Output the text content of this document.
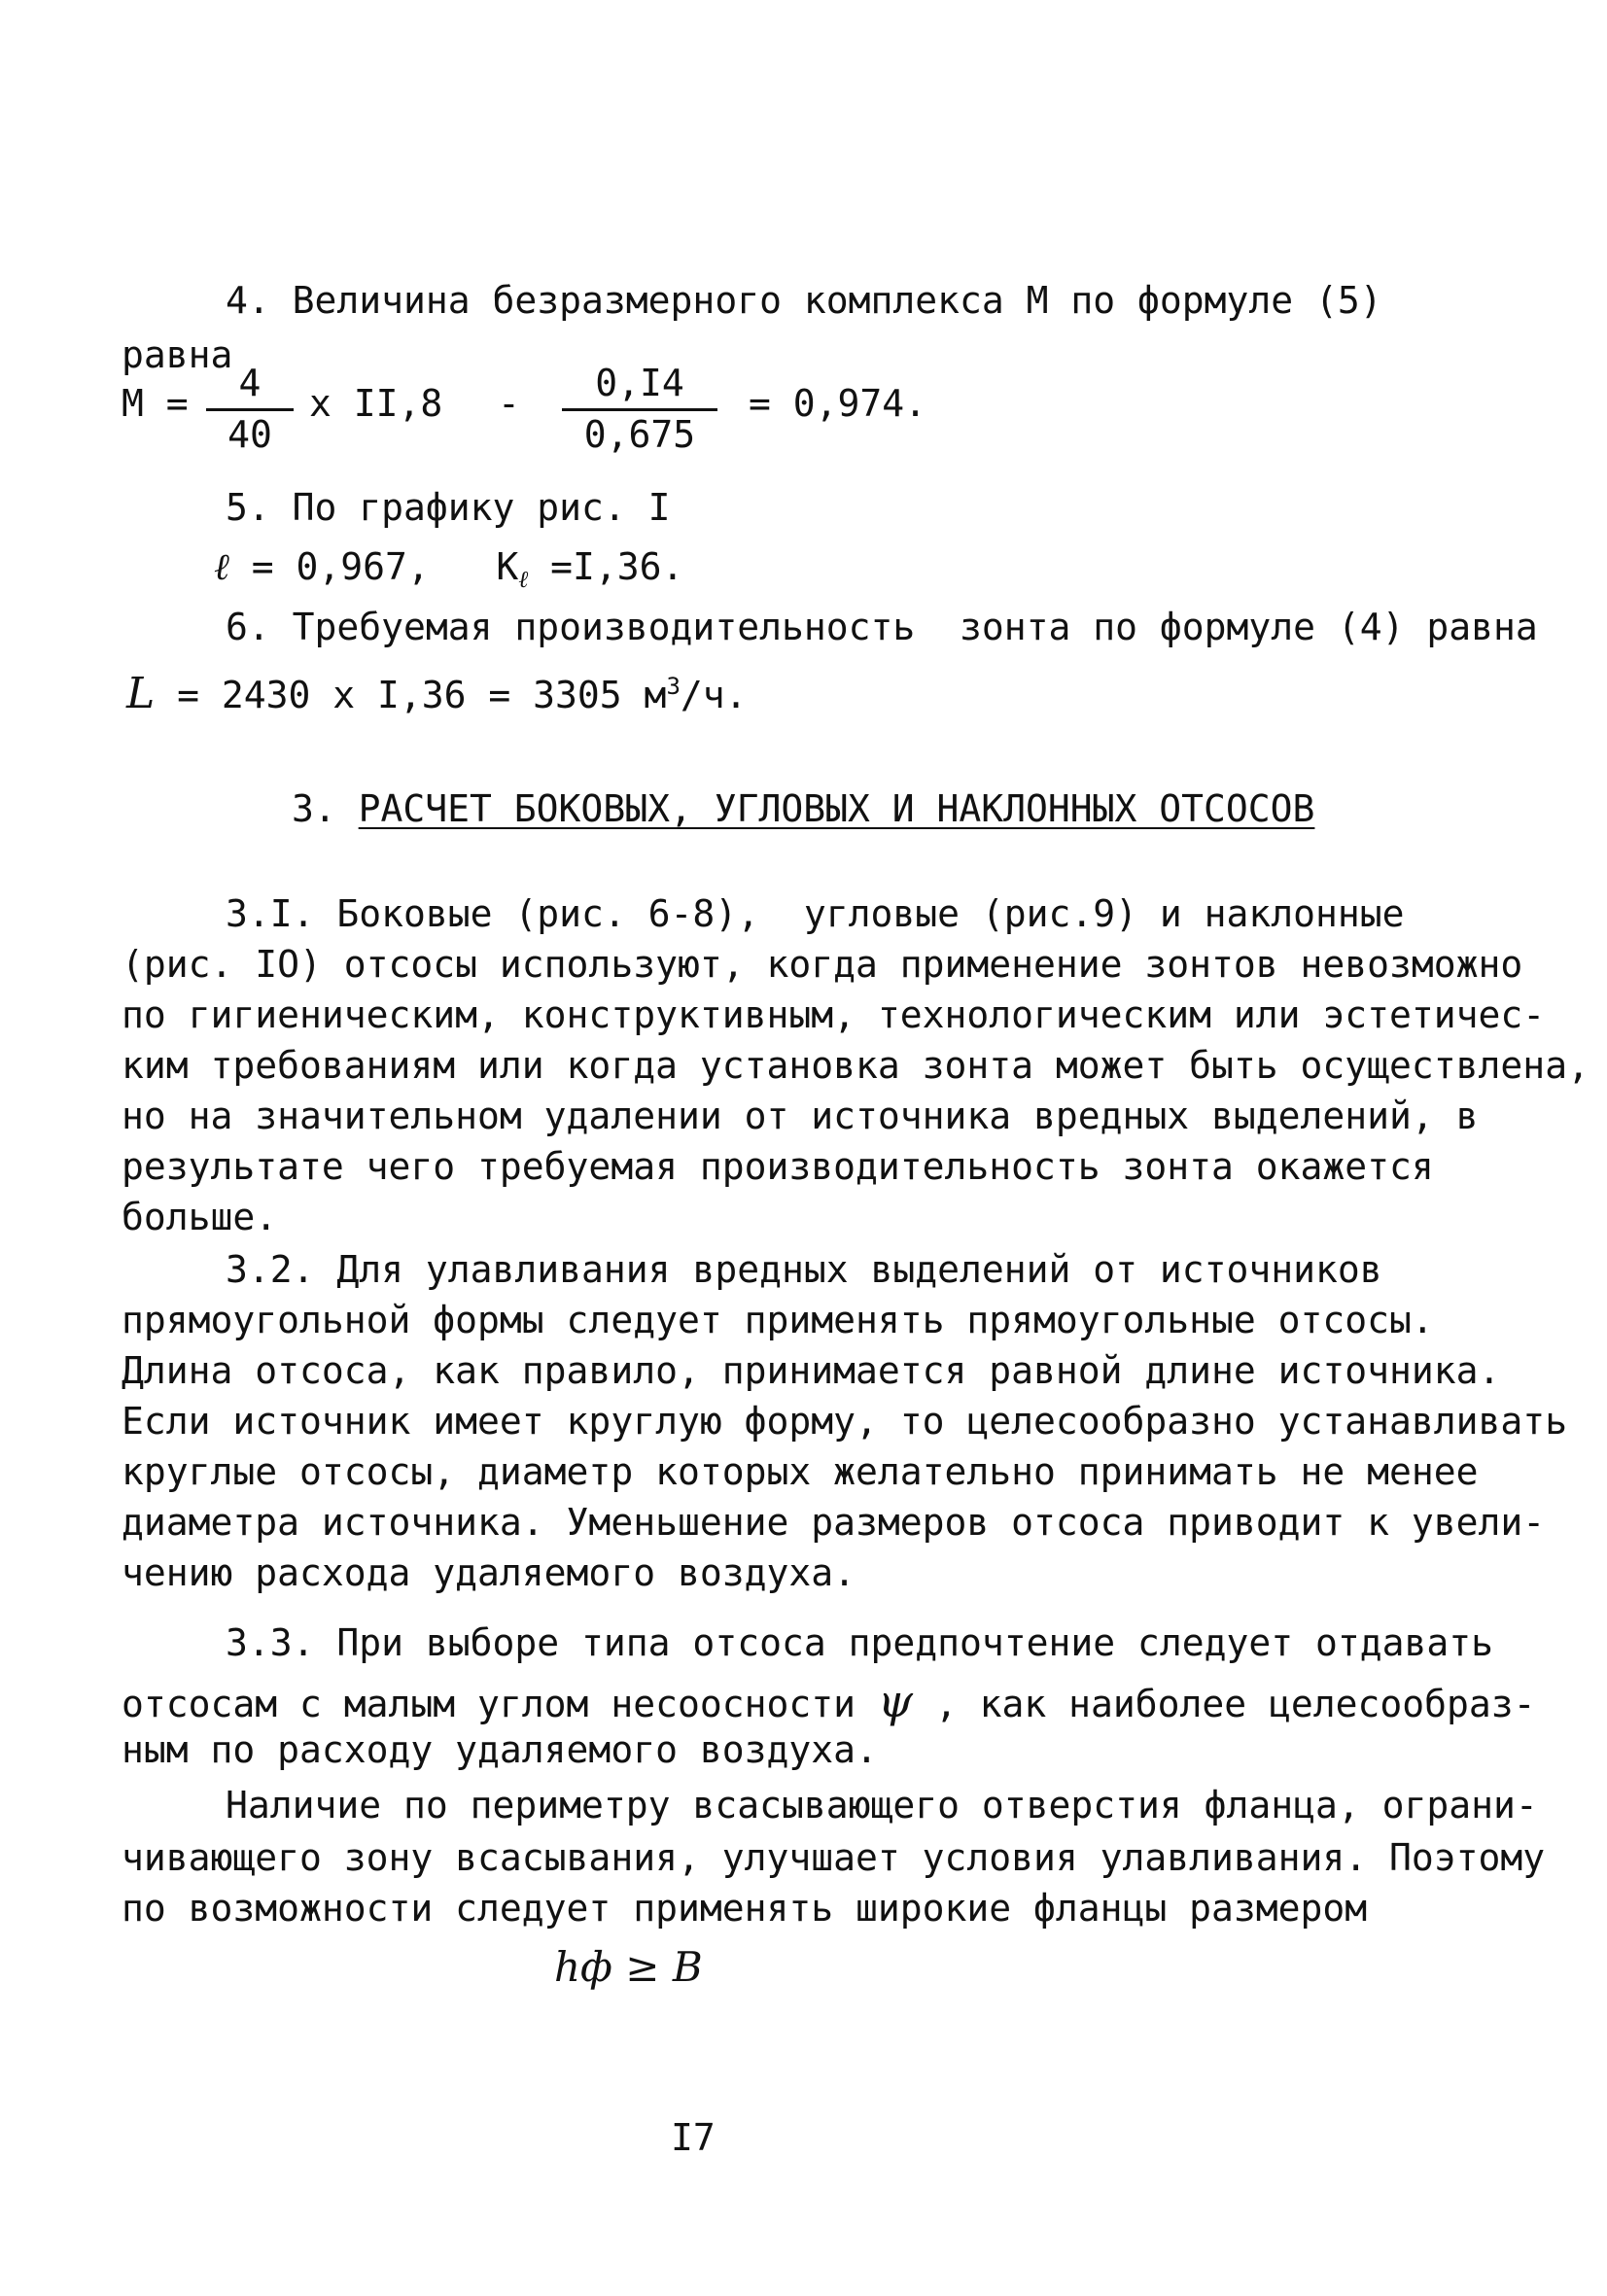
4. Величина безразмерного комплекса М по формуле (5)
равна
М =	4
40
х II,8 -	0,I4
0,675
= 0,974.
5. По графику рис. I
ℓ = 0,967, $К_\ell =I,36$.
6. Требуемая производительность  зонта по формуле (4) равна
L = 2430 х I,36 = 3305 $м^3/ч$.
3. РАСЧЕТ БОКОВЫХ, УГЛОВЫХ И НАКЛОННЫХ ОТСОСОВ
3.I. Боковые (рис. 6-8),  угловые (рис.9) и наклонные
(рис. IO) отсосы используют, когда применение зонтов невозможно
по гигиеническим, конструктивным, технологическим или эстетичес-
ким требованиям или когда установка зонта может быть осуществлена,
но на значительном удалении от источника вредных выделений, в
результате чего требуемая производительность зонта окажется
больше.
3.2. Для улавливания вредных выделений от источников
прямоугольной формы следует применять прямоугольные отсосы.
Длина отсоса, как правило, принимается равной длине источника.
Если источник имеет круглую форму, то целесообразно устанавливать
круглые отсосы, диаметр которых желательно принимать не менее
диаметра источника. Уменьшение размеров отсоса приводит к увели-
чению расхода удаляемого воздуха.
3.3. При выборе типа отсоса предпочтение следует отдавать
отсосам с малым углом несоосности ψ , как наиболее целесообраз-
ным по расходу удаляемого воздуха.
Наличие по периметру всасывающего отверстия фланца, ограни-
чивающего зону всасывания, улучшает условия улавливания. Поэтому
по возможности следует применять широкие фланцы размером
hф ≥ B
I7
